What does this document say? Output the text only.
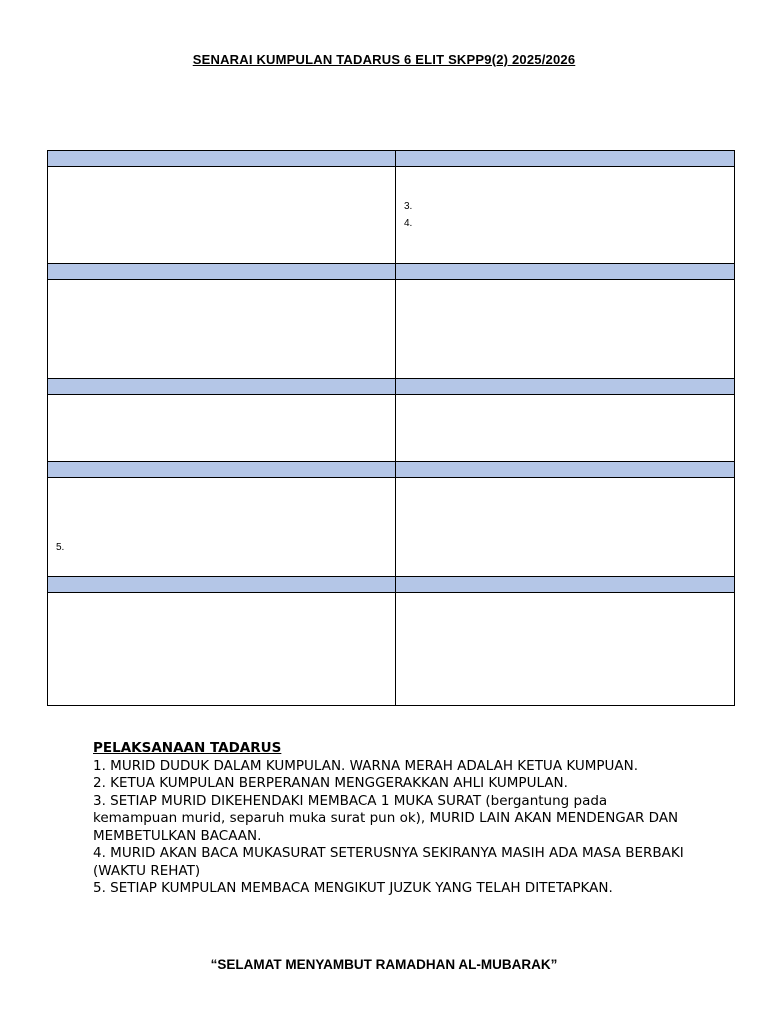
SENARAI KUMPULAN TADARUS 6 ELIT SKPP9(2) 2025/2026

	3.
4.

5.	

PELAKSANAAN TADARUS

1. MURID DUDUK DALAM KUMPULAN. WARNA MERAH ADALAH KETUA KUMPUAN.

2. KETUA KUMPULAN BERPERANAN MENGGERAKKAN AHLI KUMPULAN.

3. SETIAP MURID DIKEHENDAKI MEMBACA 1 MUKA SURAT (bergantung pada kemampuan murid, separuh muka surat pun ok), MURID LAIN AKAN MENDENGAR DAN MEMBETULKAN BACAAN.

4. MURID AKAN BACA MUKASURAT SETERUSNYA SEKIRANYA MASIH ADA MASA BERBAKI (WAKTU REHAT)

5. SETIAP KUMPULAN MEMBACA MENGIKUT JUZUK YANG TELAH DITETAPKAN.

“SELAMAT MENYAMBUT RAMADHAN AL-MUBARAK”
